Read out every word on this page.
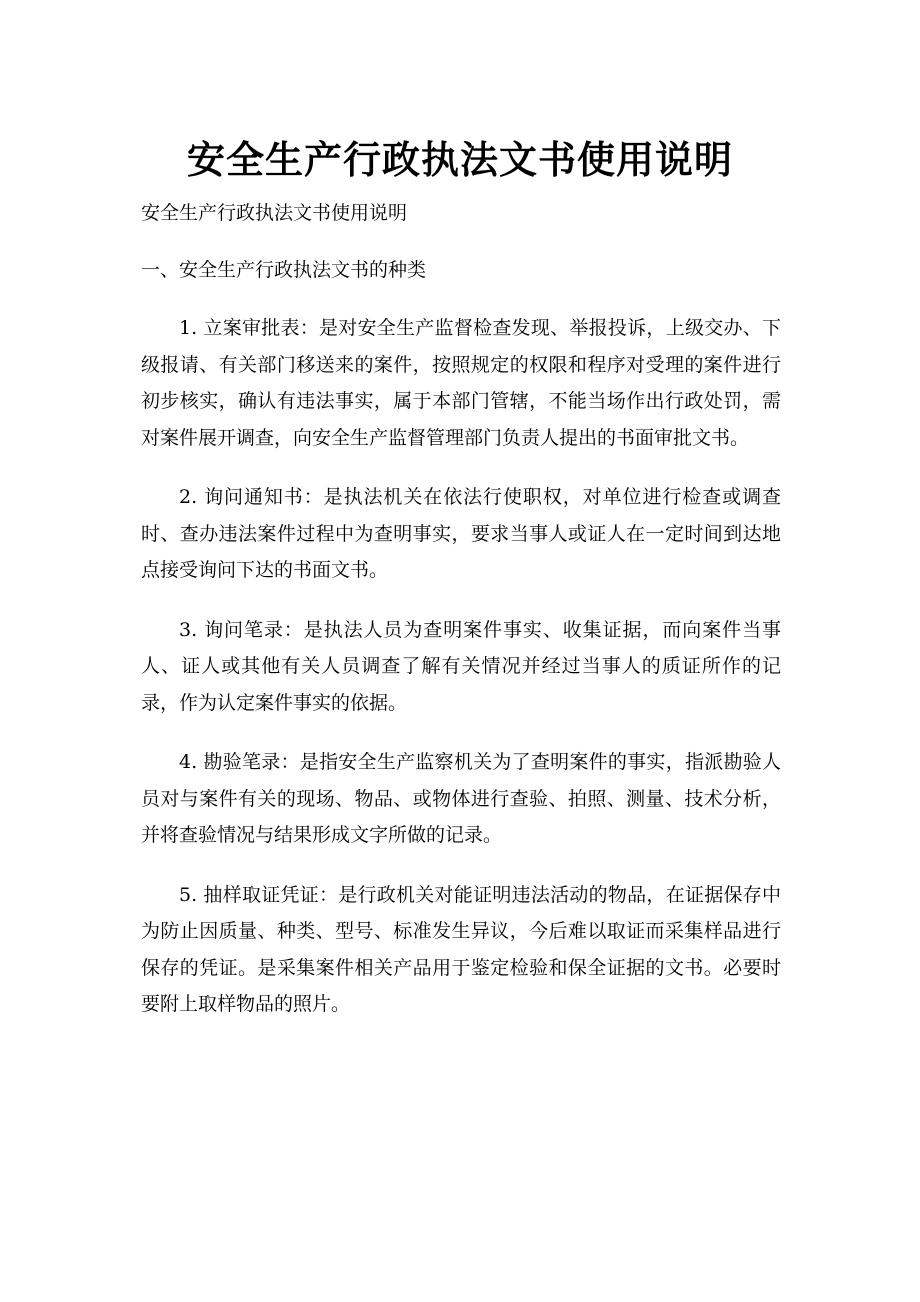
安全生产行政执法文书使用说明

安全生产行政执法文书使用说明

一、安全生产行政执法文书的种类

1. 立案审批表：是对安全生产监督检查发现、举报投诉，上级交办、下级报请、有关部门移送来的案件，按照规定的权限和程序对受理的案件进行初步核实，确认有违法事实，属于本部门管辖，不能当场作出行政处罚，需对案件展开调查，向安全生产监督管理部门负责人提出的书面审批文书。

2. 询问通知书：是执法机关在依法行使职权，对单位进行检查或调查时、查办违法案件过程中为查明事实，要求当事人或证人在一定时间到达地点接受询问下达的书面文书。

3. 询问笔录：是执法人员为查明案件事实、收集证据，而向案件当事人、证人或其他有关人员调查了解有关情况并经过当事人的质证所作的记录，作为认定案件事实的依据。

4. 勘验笔录：是指安全生产监察机关为了查明案件的事实，指派勘验人员对与案件有关的现场、物品、或物体进行查验、拍照、测量、技术分析，并将查验情况与结果形成文字所做的记录。

5. 抽样取证凭证：是行政机关对能证明违法活动的物品，在证据保存中为防止因质量、种类、型号、标准发生异议，今后难以取证而采集样品进行保存的凭证。是采集案件相关产品用于鉴定检验和保全证据的文书。必要时要附上取样物品的照片。
